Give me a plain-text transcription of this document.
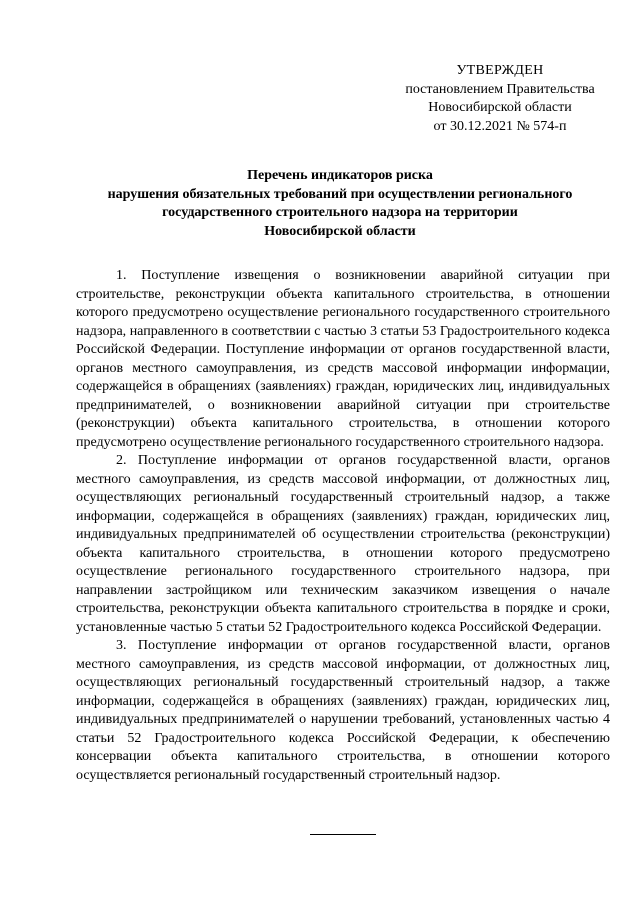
УТВЕРЖДЕН
постановлением Правительства
Новосибирской области
от 30.12.2021 № 574-п
Перечень индикаторов риска
нарушения обязательных требований при осуществлении регионального
государственного строительного надзора на территории
Новосибирской области

1. Поступление извещения о возникновении аварийной ситуации при строительстве, реконструкции объекта капитального строительства, в отношении которого предусмотрено осуществление регионального государственного строительного надзора, направленного в соответствии с частью 3 статьи 53 Градостроительного кодекса Российской Федерации. Поступление информации от органов государственной власти, органов местного самоуправления, из средств массовой информации информации, содержащейся в обращениях (заявлениях) граждан, юридических лиц, индивидуальных предпринимателей, о возникновении аварийной ситуации при строительстве (реконструкции) объекта капитального строительства, в отношении которого предусмотрено осуществление регионального государственного строительного надзора.

2. Поступление информации от органов государственной власти, органов местного самоуправления, из средств массовой информации, от должностных лиц, осуществляющих региональный государственный строительный надзор, а также информации, содержащейся в обращениях (заявлениях) граждан, юридических лиц, индивидуальных предпринимателей об осуществлении строительства (реконструкции) объекта капитального строительства, в отношении которого предусмотрено осуществление регионального государственного строительного надзора, при направлении застройщиком или техническим заказчиком извещения о начале строительства, реконструкции объекта капитального строительства в порядке и сроки, установленные частью 5 статьи 52 Градостроительного кодекса Российской Федерации.

3. Поступление информации от органов государственной власти, органов местного самоуправления, из средств массовой информации, от должностных лиц, осуществляющих региональный государственный строительный надзор, а также информации, содержащейся в обращениях (заявлениях) граждан, юридических лиц, индивидуальных предпринимателей о нарушении требований, установленных частью 4 статьи 52 Градостроительного кодекса Российской Федерации, к обеспечению консервации объекта капитального строительства, в отношении которого осуществляется региональный государственный строительный надзор.
